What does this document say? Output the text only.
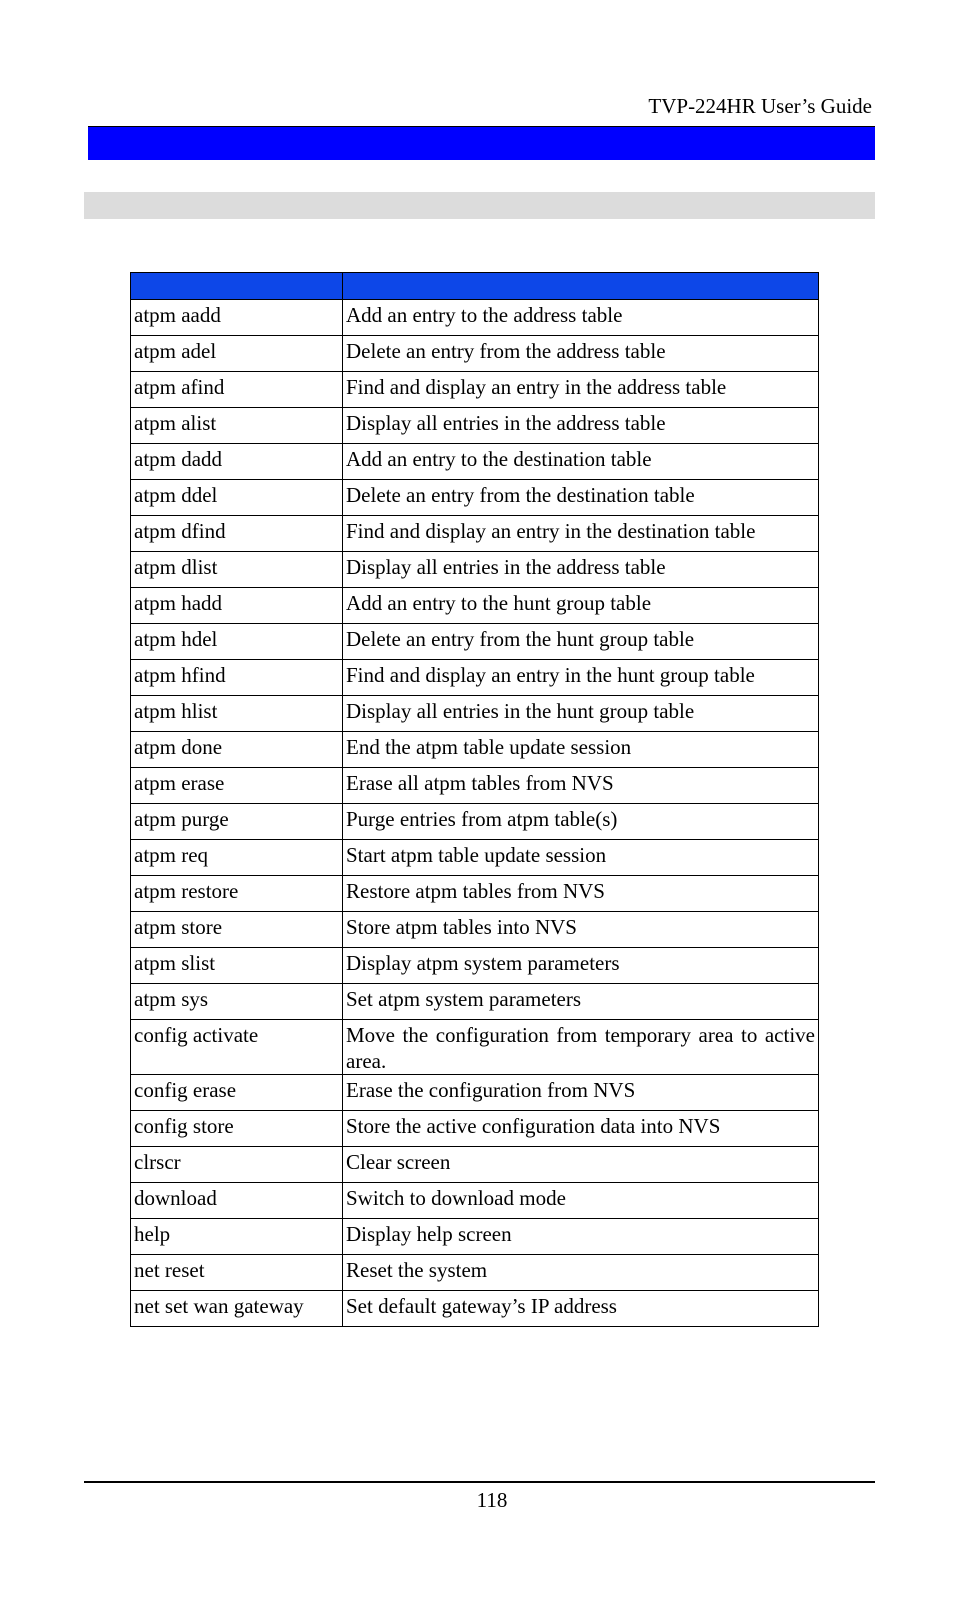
TVP-224HR User’s Guide

atpm aadd	Add an entry to the address table
atpm adel	Delete an entry from the address table
atpm afind	Find and display an entry in the address table
atpm alist	Display all entries in the address table
atpm dadd	Add an entry to the destination table
atpm ddel	Delete an entry from the destination table
atpm dfind	Find and display an entry in the destination table
atpm dlist	Display all entries in the address table
atpm hadd	Add an entry to the hunt group table
atpm hdel	Delete an entry from the hunt group table
atpm hfind	Find and display an entry in the hunt group table
atpm hlist	Display all entries in the hunt group table
atpm done	End the atpm table update session
atpm erase	Erase all atpm tables from NVS
atpm purge	Purge entries from atpm table(s)
atpm req	Start atpm table update session
atpm restore	Restore atpm tables from NVS
atpm store	Store atpm tables into NVS
atpm slist	Display atpm system parameters
atpm sys	Set atpm system parameters
config activate	Move the configuration from temporary area to active area.
config erase	Erase the configuration from NVS
config store	Store the active configuration data into NVS
clrscr	Clear screen
download	Switch to download mode
help	Display help screen
net reset	Reset the system
net set wan gateway	Set default gateway’s IP address
118
